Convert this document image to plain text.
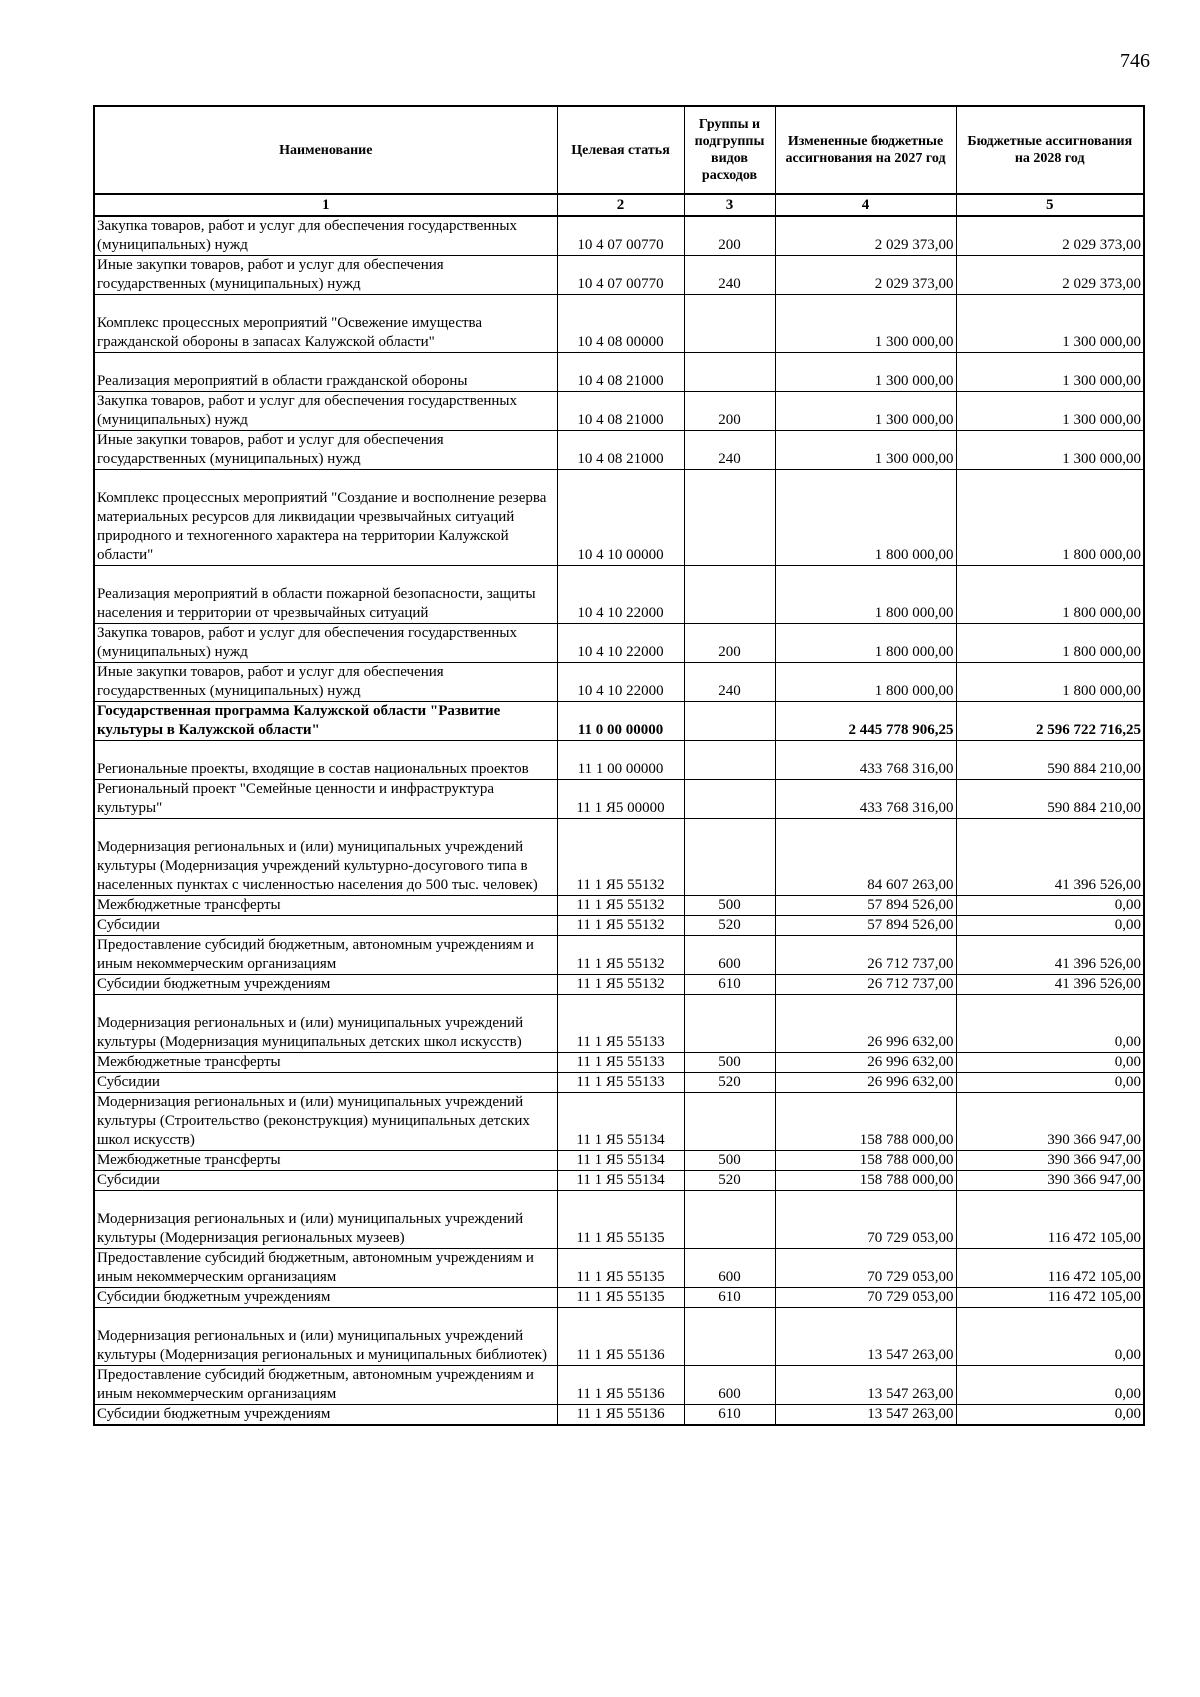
746
Наименование	Целевая статья	Группы и подгруппы видов расходов	Измененные бюджетные ассигнования на 2027 год	Бюджетные ассигнования на 2028 год
1	2	3	4	5
Закупка товаров, работ и услуг для обеспечения государственных (муниципальных) нужд	10 4 07 00770	200	2 029 373,00	2 029 373,00
Иные закупки товаров, работ и услуг для обеспечения государственных (муниципальных) нужд	10 4 07 00770	240	2 029 373,00	2 029 373,00
Комплекс процессных мероприятий "Освежение имущества гражданской обороны в запасах Калужской области"	10 4 08 00000		1 300 000,00	1 300 000,00
Реализация мероприятий в области гражданской обороны	10 4 08 21000		1 300 000,00	1 300 000,00
Закупка товаров, работ и услуг для обеспечения государственных (муниципальных) нужд	10 4 08 21000	200	1 300 000,00	1 300 000,00
Иные закупки товаров, работ и услуг для обеспечения государственных (муниципальных) нужд	10 4 08 21000	240	1 300 000,00	1 300 000,00
Комплекс процессных мероприятий "Создание и восполнение резерва материальных ресурсов для ликвидации чрезвычайных ситуаций природного и техногенного характера на территории Калужской области"	10 4 10 00000		1 800 000,00	1 800 000,00
Реализация мероприятий в области пожарной безопасности, защиты населения и территории от чрезвычайных ситуаций	10 4 10 22000		1 800 000,00	1 800 000,00
Закупка товаров, работ и услуг для обеспечения государственных (муниципальных) нужд	10 4 10 22000	200	1 800 000,00	1 800 000,00
Иные закупки товаров, работ и услуг для обеспечения государственных (муниципальных) нужд	10 4 10 22000	240	1 800 000,00	1 800 000,00
Государственная программа Калужской области "Развитие культуры в Калужской области"	11 0 00 00000		2 445 778 906,25	2 596 722 716,25
Региональные проекты, входящие в состав национальных проектов	11 1 00 00000		433 768 316,00	590 884 210,00
Региональный проект "Семейные ценности и инфраструктура культуры"	11 1 Я5 00000		433 768 316,00	590 884 210,00
Модернизация региональных и (или) муниципальных учреждений культуры (Модернизация учреждений культурно-досугового типа в населенных пунктах с численностью населения до 500 тыс. человек)	11 1 Я5 55132		84 607 263,00	41 396 526,00
Межбюджетные трансферты	11 1 Я5 55132	500	57 894 526,00	0,00
Субсидии	11 1 Я5 55132	520	57 894 526,00	0,00
Предоставление субсидий бюджетным, автономным учреждениям и иным некоммерческим организациям	11 1 Я5 55132	600	26 712 737,00	41 396 526,00
Субсидии бюджетным учреждениям	11 1 Я5 55132	610	26 712 737,00	41 396 526,00
Модернизация региональных и (или) муниципальных учреждений культуры (Модернизация муниципальных детских школ искусств)	11 1 Я5 55133		26 996 632,00	0,00
Межбюджетные трансферты	11 1 Я5 55133	500	26 996 632,00	0,00
Субсидии	11 1 Я5 55133	520	26 996 632,00	0,00
Модернизация региональных и (или) муниципальных учреждений культуры (Строительство (реконструкция) муниципальных детских школ искусств)	11 1 Я5 55134		158 788 000,00	390 366 947,00
Межбюджетные трансферты	11 1 Я5 55134	500	158 788 000,00	390 366 947,00
Субсидии	11 1 Я5 55134	520	158 788 000,00	390 366 947,00
Модернизация региональных и (или) муниципальных учреждений культуры (Модернизация региональных музеев)	11 1 Я5 55135		70 729 053,00	116 472 105,00
Предоставление субсидий бюджетным, автономным учреждениям и иным некоммерческим организациям	11 1 Я5 55135	600	70 729 053,00	116 472 105,00
Субсидии бюджетным учреждениям	11 1 Я5 55135	610	70 729 053,00	116 472 105,00
Модернизация региональных и (или) муниципальных учреждений культуры (Модернизация региональных и муниципальных библиотек)	11 1 Я5 55136		13 547 263,00	0,00
Предоставление субсидий бюджетным, автономным учреждениям и иным некоммерческим организациям	11 1 Я5 55136	600	13 547 263,00	0,00
Субсидии бюджетным учреждениям	11 1 Я5 55136	610	13 547 263,00	0,00
